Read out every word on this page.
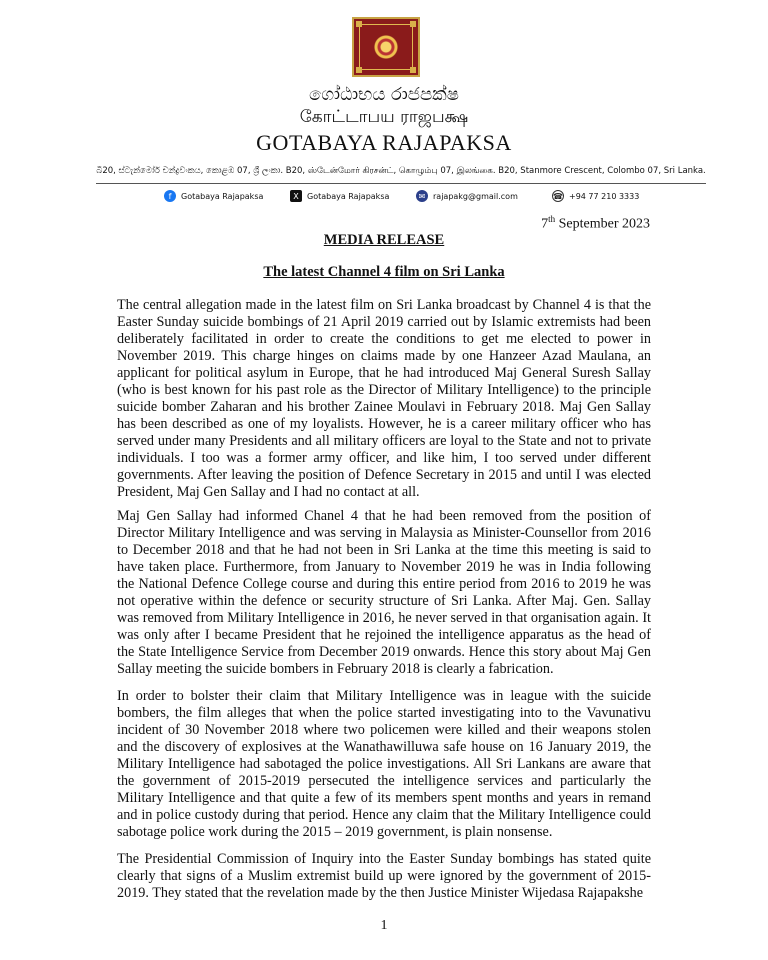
ගෝඨාභය රාජපක්ෂ
கோட்டாபய ராஜபக்ஷ
GOTABAYA RAJAPAKSA
බී20, ස්ටැන්මෝර් චන්ද්‍රවංකය, කොළඹ 07, ශ්‍රී ලංකා. B20, ஸ்டேன்மோர் கிரசன்ட், கொழும்பு 07, இலங்கை. B20, Stanmore Crescent, Colombo 07, Sri Lanka.
f	Gotabaya Rajapaksa	X	Gotabaya Rajapaksa	✉ rajapakg@gmail.com	☎ +94 77 210 3333
7th September 2023
MEDIA RELEASE
The latest Channel 4 film on Sri Lanka

The central allegation made in the latest film on Sri Lanka broadcast by Channel 4 is that the Easter Sunday suicide bombings of 21 April 2019 carried out by Islamic extremists had been deliberately facilitated in order to create the conditions to get me elected to power in November 2019. This charge hinges on claims made by one Hanzeer Azad Maulana, an applicant for political asylum in Europe, that he had introduced Maj General Suresh Sallay (who is best known for his past role as the Director of Military Intelligence) to the principle suicide bomber Zaharan and his brother Zainee Moulavi in February 2018. Maj Gen Sallay has been described as one of my loyalists. However, he is a career military officer who has served under many Presidents and all military officers are loyal to the State and not to private individuals. I too was a former army officer, and like him, I too served under different governments. After leaving the position of Defence Secretary in 2015 and until I was elected President, Maj Gen Sallay and I had no contact at all.

Maj Gen Sallay had informed Chanel 4 that he had been removed from the position of Director Military Intelligence and was serving in Malaysia as Minister-Counsellor from 2016 to December 2018 and that he had not been in Sri Lanka at the time this meeting is said to have taken place. Furthermore, from January to November 2019 he was in India following the National Defence College course and during this entire period from 2016 to 2019 he was not operative within the defence or security structure of Sri Lanka. After Maj. Gen. Sallay was removed from Military Intelligence in 2016, he never served in that organisation again. It was only after I became President that he rejoined the intelligence apparatus as the head of the State Intelligence Service from December 2019 onwards. Hence this story about Maj Gen Sallay meeting the suicide bombers in February 2018 is clearly a fabrication.

In order to bolster their claim that Military Intelligence was in league with the suicide bombers, the film alleges that when the police started investigating into to the Vavunativu incident of 30 November 2018 where two policemen were killed and their weapons stolen and the discovery of explosives at the Wanathawilluwa safe house on 16 January 2019, the Military Intelligence had sabotaged the police investigations. All Sri Lankans are aware that the government of 2015-2019 persecuted the intelligence services and particularly the Military Intelligence and that quite a few of its members spent months and years in remand and in police custody during that period. Hence any claim that the Military Intelligence could sabotage police work during the 2015 – 2019 government, is plain nonsense.

The Presidential Commission of Inquiry into the Easter Sunday bombings has stated quite clearly that signs of a Muslim extremist build up were ignored by the government of 2015-2019. They stated that the revelation made by the then Justice Minister Wijedasa Rajapakshe

1
